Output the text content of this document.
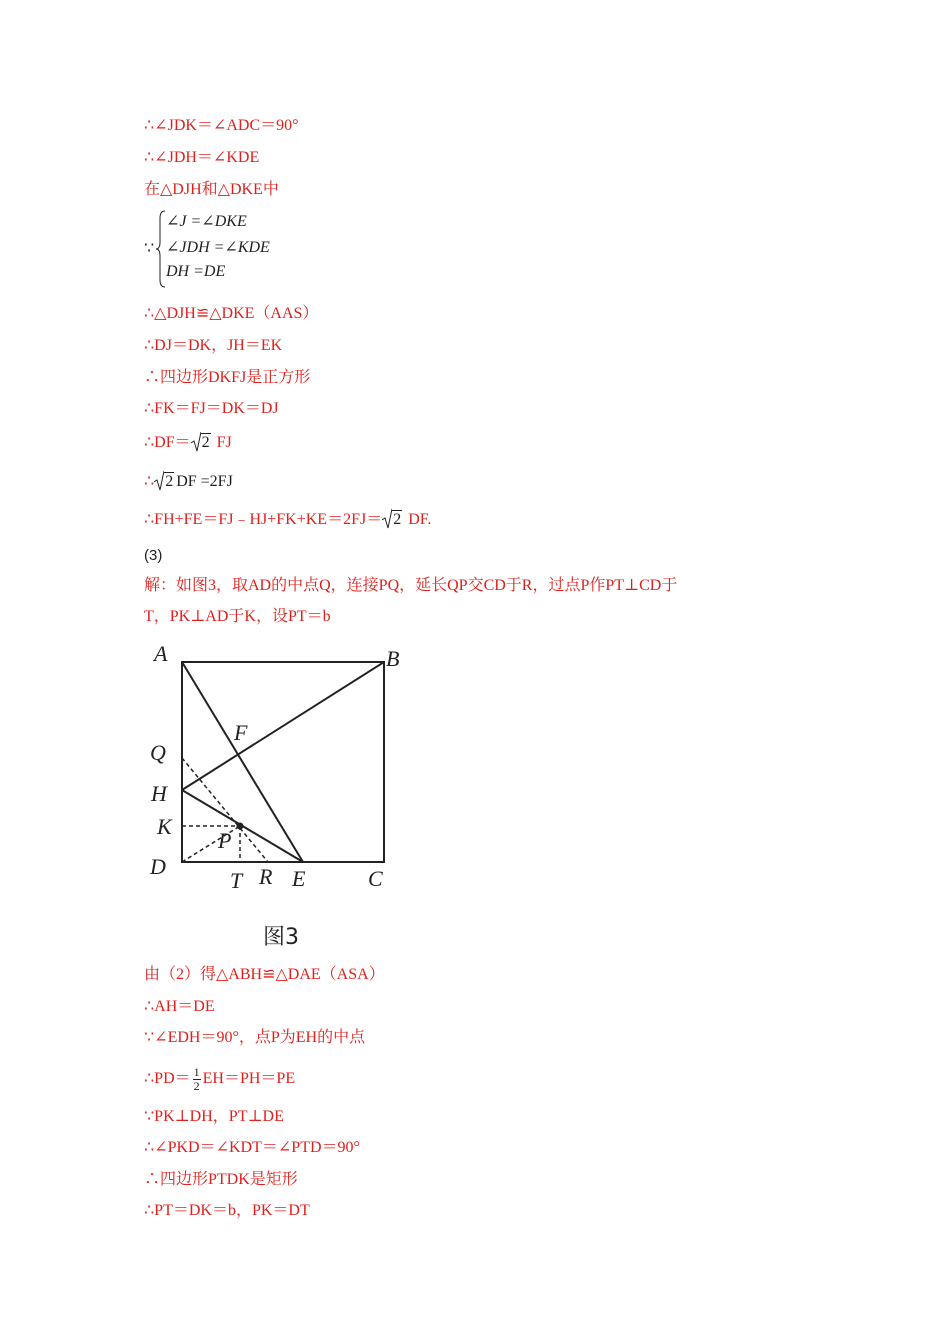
∴∠JDK＝∠ADC＝90°
∴∠JDH＝∠KDE
在△DJH和△DKE中
∵
∠J =∠DKE
∠JDH =∠KDE
DH =DE
∴△DJH≌△DKE（AAS）
∴DJ＝DK，JH＝EK
∴四边形DKFJ是正方形
∴FK＝FJ＝DK＝DJ
∴DF＝ 2 FJ
∴ 2 DF =2FJ
∴FH+FE＝FJ﹣HJ+FK+KE＝2FJ＝ 2 DF.
(3)
解：如图3，取AD的中点Q，连接PQ，延长QP交CD于R，过点P作PT⊥CD于
T，PK⊥AD于K，设PT＝b
A	B
C
D	E
F
H
Q
K
P
T R
图3
由（2）得△ABH≌△DAE（ASA）
∴AH＝DE
∵∠EDH＝90°，点P为EH的中点
∴PD＝ $\frac{1}{2} EH=PH=PE$
∵PK⊥DH，PT⊥DE
∴∠PKD＝∠KDT＝∠PTD＝90°
∴四边形PTDK是矩形
∴PT＝DK＝b，PK＝DT
